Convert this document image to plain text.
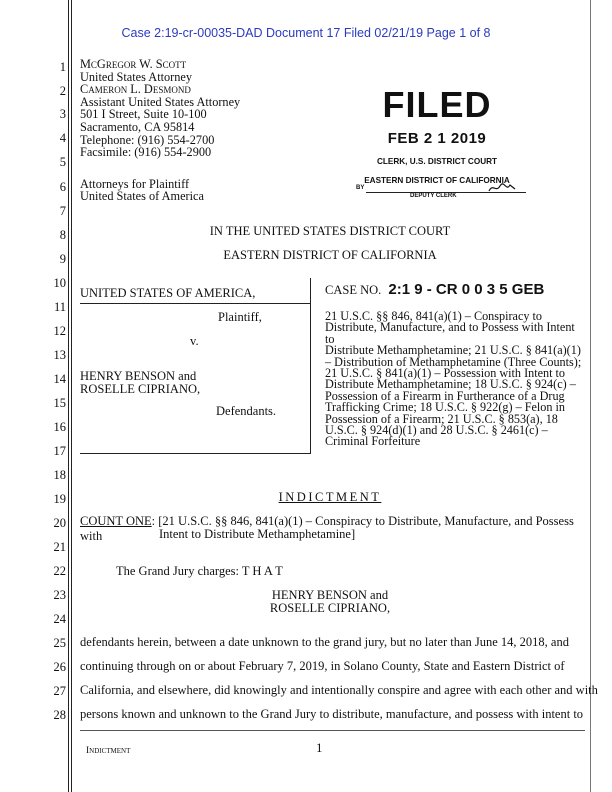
Case 2:19-cr-00035-DAD Document 17 Filed 02/21/19 Page 1 of 8
1
2
3
4
5
6
7
8
9
10
11
12
13
14
15
16
17
18
19
20
21
22
23
24
25
26
27
28
McGregor W. Scott
United States Attorney
Cameron L. Desmond
Assistant United States Attorney
501 I Street, Suite 10-100
Sacramento, CA 95814
Telephone: (916) 554-2700
Facsimile: (916) 554-2900
Attorneys for Plaintiff
United States of America
FILED
FEB 2 1 2019
CLERK, U.S. DISTRICT COURT
EASTERN DISTRICT OF CALIFORNIA
BY
DEPUTY CLERK
IN THE UNITED STATES DISTRICT COURT
EASTERN DISTRICT OF CALIFORNIA
UNITED STATES OF AMERICA,
Plaintiff,
v.
HENRY BENSON and
ROSELLE CIPRIANO,
Defendants.
CASE NO. 2:1 9 - CR 0 0 3 5 GEB
21 U.S.C. §§ 846, 841(a)(1) – Conspiracy to
Distribute, Manufacture, and to Possess with Intent to
Distribute Methamphetamine; 21 U.S.C. § 841(a)(1)
– Distribution of Methamphetamine (Three Counts);
21 U.S.C. § 841(a)(1) – Possession with Intent to
Distribute Methamphetamine; 18 U.S.C. § 924(c) –
Possession of a Firearm in Furtherance of a Drug
Trafficking Crime; 18 U.S.C. § 922(g) – Felon in
Possession of a Firearm; 21 U.S.C. § 853(a), 18
U.S.C. § 924(d)(1) and 28 U.S.C. § 2461(c) –
Criminal Forfeiture
INDICTMENT
COUNT ONE: [21 U.S.C. §§ 846, 841(a)(1) – Conspiracy to Distribute, Manufacture, and Possess with	Intent to Distribute Methamphetamine]
The Grand Jury charges: T H A T
HENRY BENSON and
ROSELLE CIPRIANO,
defendants herein, between a date unknown to the grand jury, but no later than June 14, 2018, and
continuing through on or about February 7, 2019, in Solano County, State and Eastern District of
California, and elsewhere, did knowingly and intentionally conspire and agree with each other and with
persons known and unknown to the Grand Jury to distribute, manufacture, and possess with intent to
1
Indictment
